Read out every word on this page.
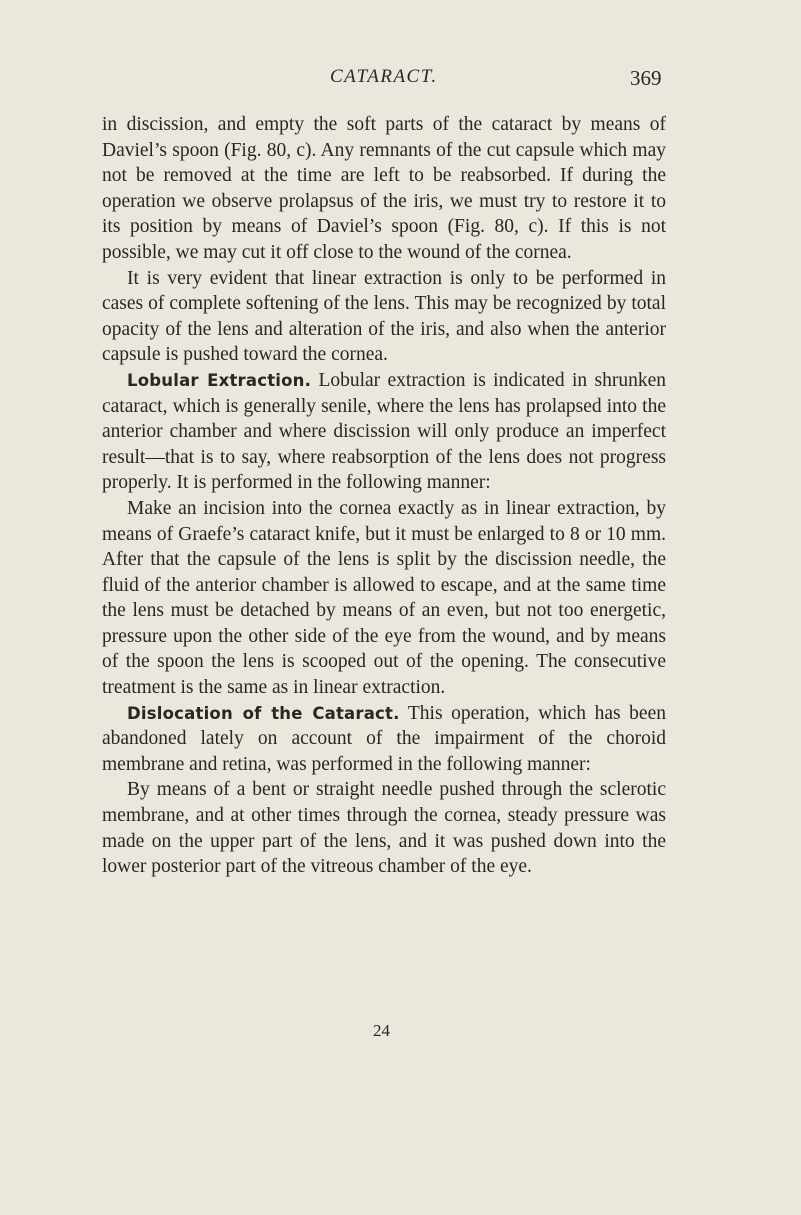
CATARACT.	369

in discission, and empty the soft parts of the cataract by means of Daviel’s spoon (Fig. 80, c). Any remnants of the cut capsule which may not be removed at the time are left to be reabsorbed. If during the operation we observe prolapsus of the iris, we must try to restore it to its position by means of Daviel’s spoon (Fig. 80, c). If this is not possible, we may cut it off close to the wound of the cornea.

It is very evident that linear extraction is only to be performed in cases of complete softening of the lens. This may be recognized by total opacity of the lens and alteration of the iris, and also when the anterior capsule is pushed toward the cornea.

Lobular Extraction. Lobular extraction is indicated in shrunken cataract, which is generally senile, where the lens has prolapsed into the anterior chamber and where discission will only produce an imperfect result—that is to say, where reabsorption of the lens does not progress properly. It is performed in the following manner:

Make an incision into the cornea exactly as in linear extraction, by means of Graefe’s cataract knife, but it must be enlarged to 8 or 10 mm. After that the capsule of the lens is split by the discission needle, the fluid of the anterior chamber is allowed to escape, and at the same time the lens must be detached by means of an even, but not too energetic, pressure upon the other side of the eye from the wound, and by means of the spoon the lens is scooped out of the opening. The consecutive treatment is the same as in linear extraction.

Dislocation of the Cataract. This operation, which has been abandoned lately on account of the impairment of the choroid membrane and retina, was performed in the following manner:

By means of a bent or straight needle pushed through the sclerotic membrane, and at other times through the cornea, steady pressure was made on the upper part of the lens, and it was pushed down into the lower posterior part of the vitreous chamber of the eye.

24
